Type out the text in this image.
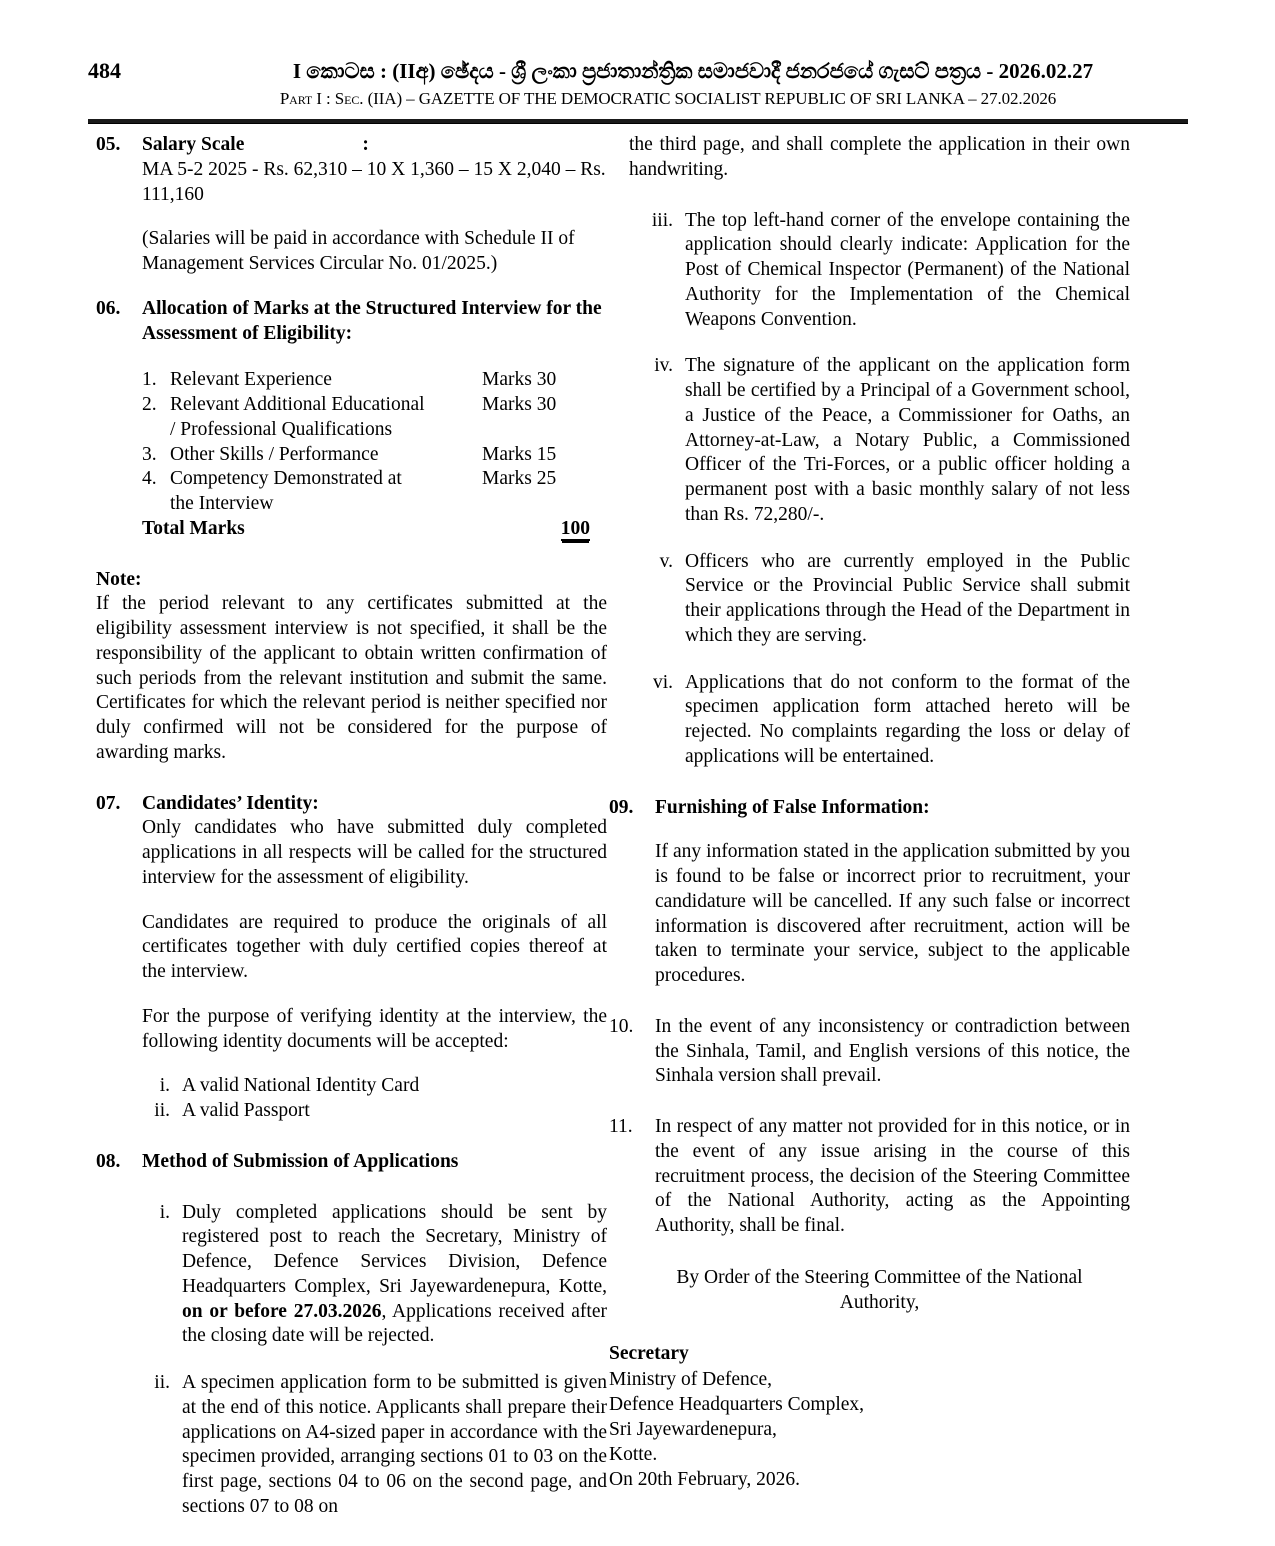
484	I කොටස : (IIඅ) ඡේදය - ශ්‍රී ලංකා ප්‍රජාතාන්ත්‍රික සමාජවාදී ජනරජයේ ගැසට් පත්‍රය - 2026.02.27
Part I : Sec. (IIA) – GAZETTE OF THE DEMOCRATIC SOCIALIST REPUBLIC OF SRI LANKA – 27.02.2026
05.	Salary Scale	:
MA 5-2 2025 - Rs. 62,310 – 10 X 1,360 – 15 X 2,040 – Rs. 111,160
(Salaries will be paid in accordance with Schedule II of Management Services Circular No. 01/2025.)
06.	Allocation of Marks at the Structured Interview for the Assessment of Eligibility:
1. Relevant Experience	Marks 30
2. Relevant Additional Educational	Marks 30
/ Professional Qualifications
3. Other Skills / Performance	Marks 15
4. Competency Demonstrated at	Marks 25
the Interview
Total Marks	100
Note:
If the period relevant to any certificates submitted at the eligibility assessment interview is not specified, it shall be the responsibility of the applicant to obtain written confirmation of such periods from the relevant institution and submit the same. Certificates for which the relevant period is neither specified nor duly confirmed will not be considered for the purpose of awarding marks.
07.	Candidates’ Identity:
Only candidates who have submitted duly completed applications in all respects will be called for the structured interview for the assessment of eligibility.
Candidates are required to produce the originals of all certificates together with duly certified copies thereof at the interview.
For the purpose of verifying identity at the interview, the following identity documents will be accepted:
i. A valid National Identity Card
ii. A valid Passport
08.	Method of Submission of Applications
i. Duly completed applications should be sent by registered post to reach the Secretary, Ministry of Defence, Defence Services Division, Defence Headquarters Complex, Sri Jayewardenepura, Kotte, on or before 27.03.2026, Applications received after the closing date will be rejected.
ii. A specimen application form to be submitted is given at the end of this notice. Applicants shall prepare their applications on A4-sized paper in accordance with the specimen provided, arranging sections 01 to 03 on the first page, sections 04 to 06 on the second page, and sections 07 to 08 on
the third page, and shall complete the application in their own handwriting.
iii. The top left-hand corner of the envelope containing the application should clearly indicate: Application for the Post of Chemical Inspector (Permanent) of the National Authority for the Implementation of the Chemical Weapons Convention.
iv. The signature of the applicant on the application form shall be certified by a Principal of a Government school, a Justice of the Peace, a Commissioner for Oaths, an Attorney-at-Law, a Notary Public, a Commissioned Officer of the Tri-Forces, or a public officer holding a permanent post with a basic monthly salary of not less than Rs. 72,280/-.
v. Officers who are currently employed in the Public Service or the Provincial Public Service shall submit their applications through the Head of the Department in which they are serving.
vi. Applications that do not conform to the format of the specimen application form attached hereto will be rejected. No complaints regarding the loss or delay of applications will be entertained.
09.	Furnishing of False Information:
If any information stated in the application submitted by you is found to be false or incorrect prior to recruitment, your candidature will be cancelled. If any such false or incorrect information is discovered after recruitment, action will be taken to terminate your service, subject to the applicable procedures.
10.	In the event of any inconsistency or contradiction between the Sinhala, Tamil, and English versions of this notice, the Sinhala version shall prevail.
11.	In respect of any matter not provided for in this notice, or in the event of any issue arising in the course of this recruitment process, the decision of the Steering Committee of the National Authority, acting as the Appointing Authority, shall be final.
By Order of the Steering Committee of the National Authority,
Secretary
Ministry of Defence,
Defence Headquarters Complex,
Sri Jayewardenepura,
Kotte.
On 20th February, 2026.
